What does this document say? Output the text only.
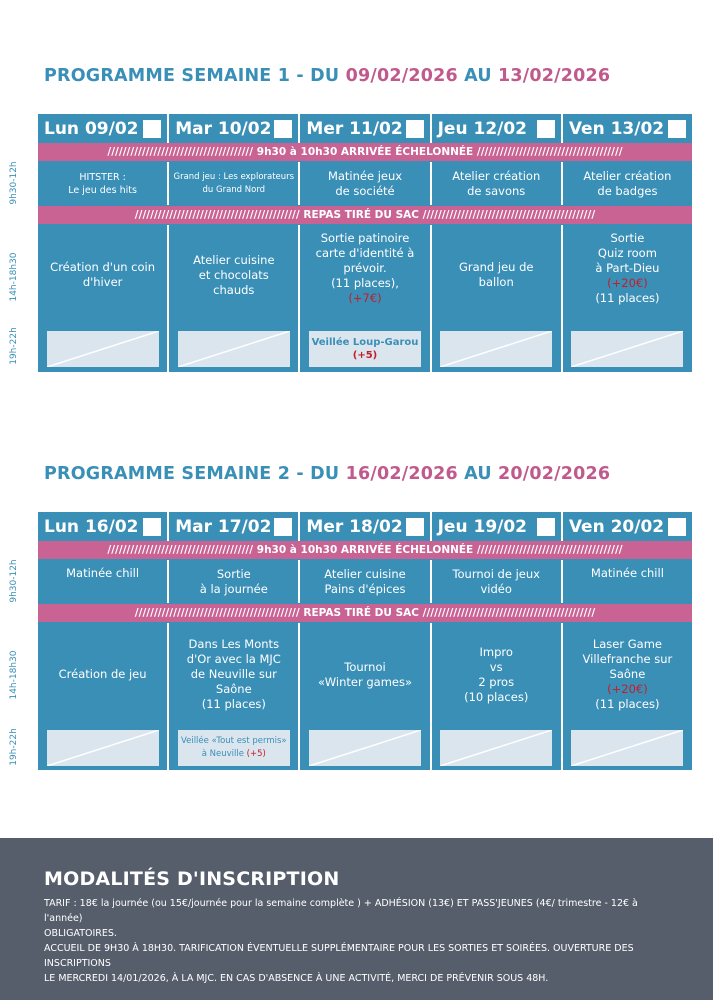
PROGRAMME SEMAINE 1 - DU 09/02/2026 AU 13/02/2026
9h30-12h
14h-18h30
19h-22h
Lun 09/02 Mar 10/02 Mer 11/02 Jeu 12/02 Ven 13/02
////////////////////////////////////// 9h30 à 10h30 ARRIVÉE ÉCHELONNÉE //////////////////////////////////////
HITSTER :
Le jeu des hits
Grand jeu : Les explorateurs
du Grand Nord
Matinée jeux
de société
Atelier création
de savons
Atelier création
de badges
/////////////////////////////////////////// REPAS TIRÉ DU SAC /////////////////////////////////////////////
Création d'un coin
d'hiver
Atelier cuisine
et chocolats
chauds
Sortie patinoire
carte d'identité à
prévoir.
(11 places),
(+7€)
Grand jeu de
ballon
Sortie
Quiz room
à Part-Dieu
(+20€)
(11 places)
Veillée Loup-Garou
(+5)
PROGRAMME SEMAINE 2 - DU 16/02/2026 AU 20/02/2026
9h30-12h
14h-18h30
19h-22h
Lun 16/02 Mar 17/02 Mer 18/02 Jeu 19/02 Ven 20/02
////////////////////////////////////// 9h30 à 10h30 ARRIVÉE ÉCHELONNÉE //////////////////////////////////////
Matinée chill	Sortie
à la journée
Atelier cuisine
Pains d'épices
Tournoi de jeux
vidéo
Matinée chill
/////////////////////////////////////////// REPAS TIRÉ DU SAC /////////////////////////////////////////////
Création de jeu
Dans Les Monts
d'Or avec la MJC
de Neuville sur
Saône
(11 places)
Tournoi
«Winter games»
Impro
vs
2 pros
(10 places)
Laser Game
Villefranche sur
Saône
(+20€)
(11 places)
Veillée «Tout est permis»
à Neuville (+5)
MODALITÉS D'INSCRIPTION
TARIF : 18€ la journée (ou 15€/journée pour la semaine complète ) + ADHÉSION (13€) ET PASS'JEUNES (4€/ trimestre - 12€ à l'année)
OBLIGATOIRES.
ACCUEIL DE 9H30 À 18H30. TARIFICATION ÉVENTUELLE SUPPLÉMENTAIRE POUR LES SORTIES ET SOIRÉES. OUVERTURE DES INSCRIPTIONS
LE MERCREDI 14/01/2026, À LA MJC. EN CAS D'ABSENCE À UNE ACTIVITÉ, MERCI DE PRÉVENIR SOUS 48H.
